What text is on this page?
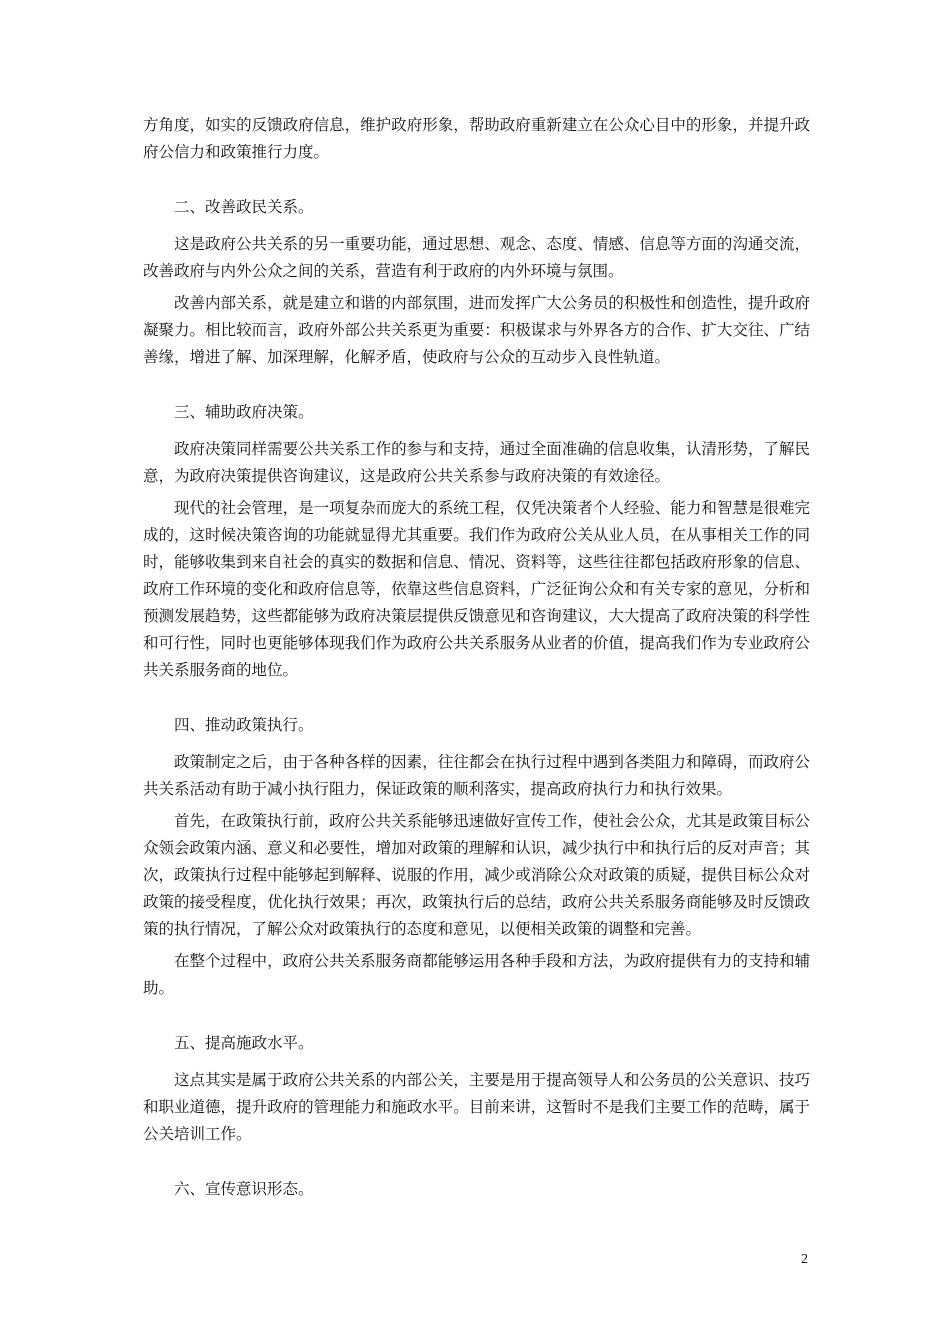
方角度，如实的反馈政府信息，维护政府形象，帮助政府重新建立在公众心目中的形象，并提升政府公信力和政策推行力度。

二、改善政民关系。

这是政府公共关系的另一重要功能，通过思想、观念、态度、情感、信息等方面的沟通交流，改善政府与内外公众之间的关系，营造有利于政府的内外环境与氛围。

改善内部关系，就是建立和谐的内部氛围，进而发挥广大公务员的积极性和创造性，提升政府凝聚力。相比较而言，政府外部公共关系更为重要：积极谋求与外界各方的合作、扩大交往、广结善缘，增进了解、加深理解，化解矛盾，使政府与公众的互动步入良性轨道。

三、辅助政府决策。

政府决策同样需要公共关系工作的参与和支持，通过全面准确的信息收集，认清形势，了解民意，为政府决策提供咨询建议，这是政府公共关系参与政府决策的有效途径。

现代的社会管理，是一项复杂而庞大的系统工程，仅凭决策者个人经验、能力和智慧是很难完成的，这时候决策咨询的功能就显得尤其重要。我们作为政府公关从业人员，在从事相关工作的同时，能够收集到来自社会的真实的数据和信息、情况、资料等，这些往往都包括政府形象的信息、政府工作环境的变化和政府信息等，依靠这些信息资料，广泛征询公众和有关专家的意见，分析和预测发展趋势，这些都能够为政府决策层提供反馈意见和咨询建议，大大提高了政府决策的科学性和可行性，同时也更能够体现我们作为政府公共关系服务从业者的价值，提高我们作为专业政府公共关系服务商的地位。

四、推动政策执行。

政策制定之后，由于各种各样的因素，往往都会在执行过程中遇到各类阻力和障碍，而政府公共关系活动有助于减小执行阻力，保证政策的顺利落实，提高政府执行力和执行效果。

首先，在政策执行前，政府公共关系能够迅速做好宣传工作，使社会公众，尤其是政策目标公众领会政策内涵、意义和必要性，增加对政策的理解和认识，减少执行中和执行后的反对声音；其次，政策执行过程中能够起到解释、说服的作用，减少或消除公众对政策的质疑，提供目标公众对政策的接受程度，优化执行效果；再次，政策执行后的总结，政府公共关系服务商能够及时反馈政策的执行情况，了解公众对政策执行的态度和意见，以便相关政策的调整和完善。

在整个过程中，政府公共关系服务商都能够运用各种手段和方法，为政府提供有力的支持和辅助。

五、提高施政水平。

这点其实是属于政府公共关系的内部公关，主要是用于提高领导人和公务员的公关意识、技巧和职业道德，提升政府的管理能力和施政水平。目前来讲，这暂时不是我们主要工作的范畴，属于公关培训工作。

六、宣传意识形态。

2
